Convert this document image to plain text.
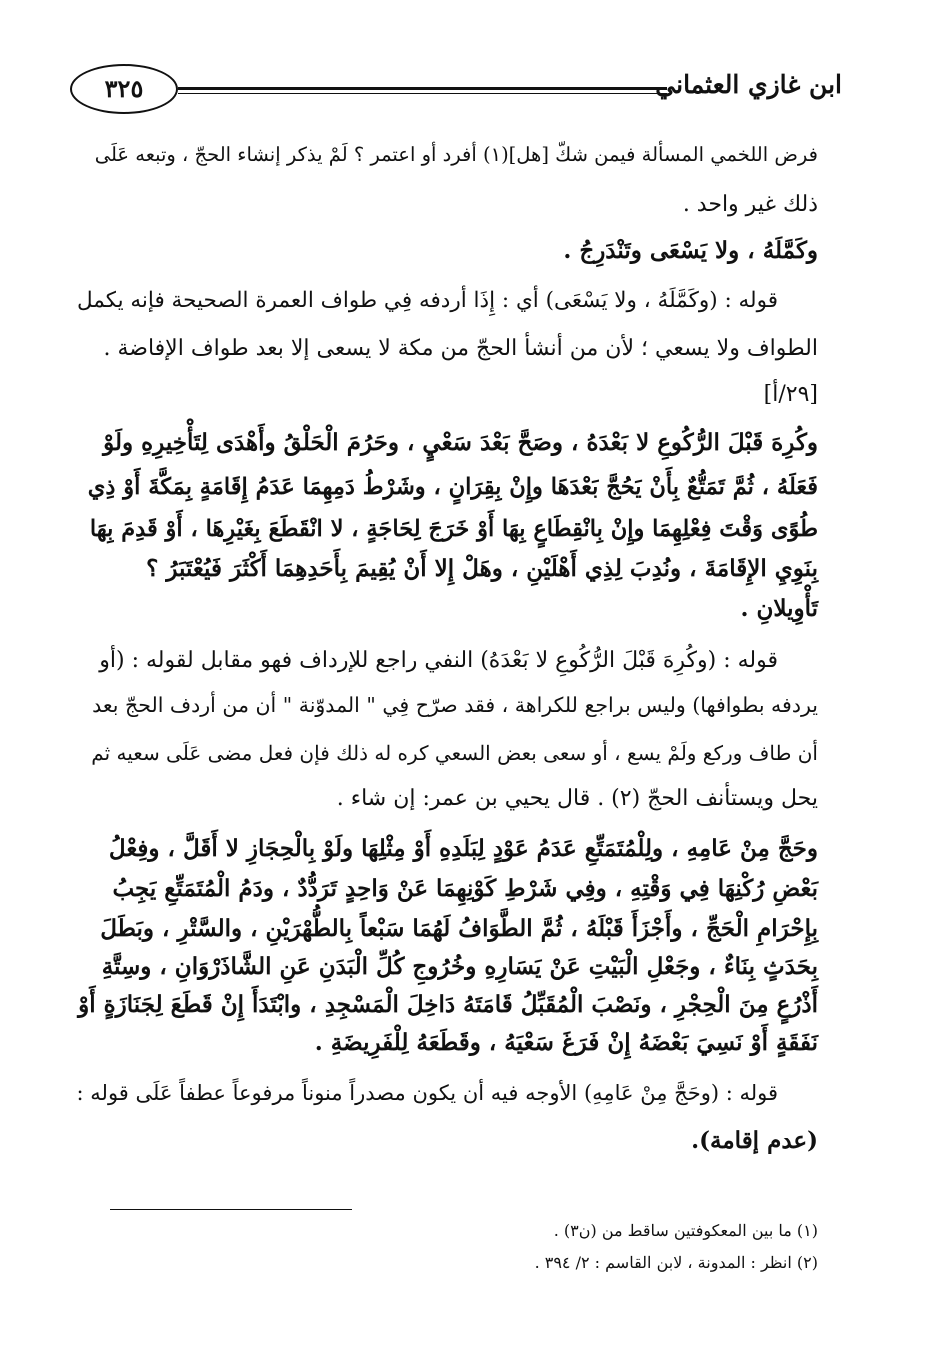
ابن غازي العثماني
٣٢٥
فرض اللخمي المسألة فيمن شكّ [هل](١) أفرد أو اعتمر ؟ لَمْ يذكر إنشاء الحجّ ، وتبعه عَلَى
ذلك غير واحد .
وكَمَّلَهُ ، ولا يَسْعَى وتَنْدَرِجُ .
قوله : (وكَمَّلَهُ ، ولا يَسْعَى) أي : إِذَا أردفه فِي طواف العمرة الصحيحة فإنه يكمل
الطواف ولا يسعي ؛ لأن من أنشأ الحجّ من مكة لا يسعى إلا بعد طواف الإفاضة .
[٢٩/أ]
وكُرِهَ قَبْلَ الرُّكُوعِ لا بَعْدَهُ ، وصَحَّ بَعْدَ سَعْيٍ ، وحَرُمَ الْحَلْقُ وأَهْدَى لِتَأْخِيرِهِ ولَوْ
فَعَلَهُ ، ثُمَّ تَمَتُّعٌ بِأَنْ يَحُجَّ بَعْدَهَا وإِنْ بِقِرَانٍ ، وشَرْطُ دَمِهِمَا عَدَمُ إِقَامَةٍ بِمَكَّةَ أَوْ ذِي
طُوًى وَقْتَ فِعْلِهِمَا وإِنْ بِانْقِطَاعٍ بِهَا أَوْ خَرَجَ لِحَاجَةٍ ، لا انْقَطَعَ بِغَيْرِهَا ، أَوْ قَدِمَ بِهَا
بِنَوِيِ الإِقَامَةَ ، ونُدِبَ لِذِي أَهْلَيْنِ ، وهَلْ إِلا أَنْ يُقِيمَ بِأَحَدِهِمَا أَكْثَرَ فَيُعْتَبَرُ ؟
تَأْوِيلانِ .
قوله : (وكُرِهَ قَبْلَ الرُّكُوعِ لا بَعْدَهُ) النفي راجع للإرداف فهو مقابل لقوله : (أو
يردفه بطوافها) وليس براجع للكراهة ، فقد صرّح فِي " المدوّنة " أن من أردف الحجّ بعد
أن طاف وركع ولَمْ يسع ، أو سعى بعض السعي كره له ذلك فإن فعل مضى عَلَى سعيه ثم
يحل ويستأنف الحجّ (٢) . قال يحيي بن عمر: إن شاء .
وحَجَّ مِنْ عَامِهِ ، ولِلْمُتَمَتِّعِ عَدَمُ عَوْدٍ لِبَلَدِهِ أَوْ مِثْلِهَا ولَوْ بِالْحِجَازِ لا أَقَلَّ ، وفِعْلُ
بَعْضِ رُكْنِهَا فِي وَقْتِهِ ، وفِي شَرْطِ كَوْنِهِمَا عَنْ وَاحِدٍ تَرَدُّدٌ ، ودَمُ الْمُتَمَتِّعِ يَجِبُ
بِإِحْرَامِ الْحَجِّ ، وأَجْزَأَ قَبْلَهُ ، ثُمَّ الطَّوَافُ لَهُمَا سَبْعاً بِالطُّهْرَيْنِ ، والسَّتْرِ ، وبَطَلَ
بِحَدَثٍ بِنَاءٌ ، وجَعْلِ الْبَيْتِ عَنْ يَسَارِهِ وخُرُوجِ كُلِّ الْبَدَنِ عَنِ الشَّاذَرْوَانِ ، وسِتَّةِ
أَذْرُعٍ مِنَ الْحِجْرِ ، ونَصْبَ الْمُقَبِّلُ قَامَتَهُ دَاخِلَ الْمَسْجِدِ ، وابْتَدَأَ إِنْ قَطَعَ لِجَنَازَةٍ أَوْ
نَفَقَةٍ أَوْ نَسِيَ بَعْضَهُ إِنْ فَرَغَ سَعْيَهُ ، وقَطَعَهُ لِلْفَرِيضَةِ .
قوله : (وحَجَّ مِنْ عَامِهِ) الأوجه فيه أن يكون مصدراً منوناً مرفوعاً عطفاً عَلَى قوله :
(عدم إقامة).
(١) ما بين المعكوفتين ساقط من (ن٣) .
(٢) انظر : المدونة ، لابن القاسم : ٢/ ٣٩٤ .
